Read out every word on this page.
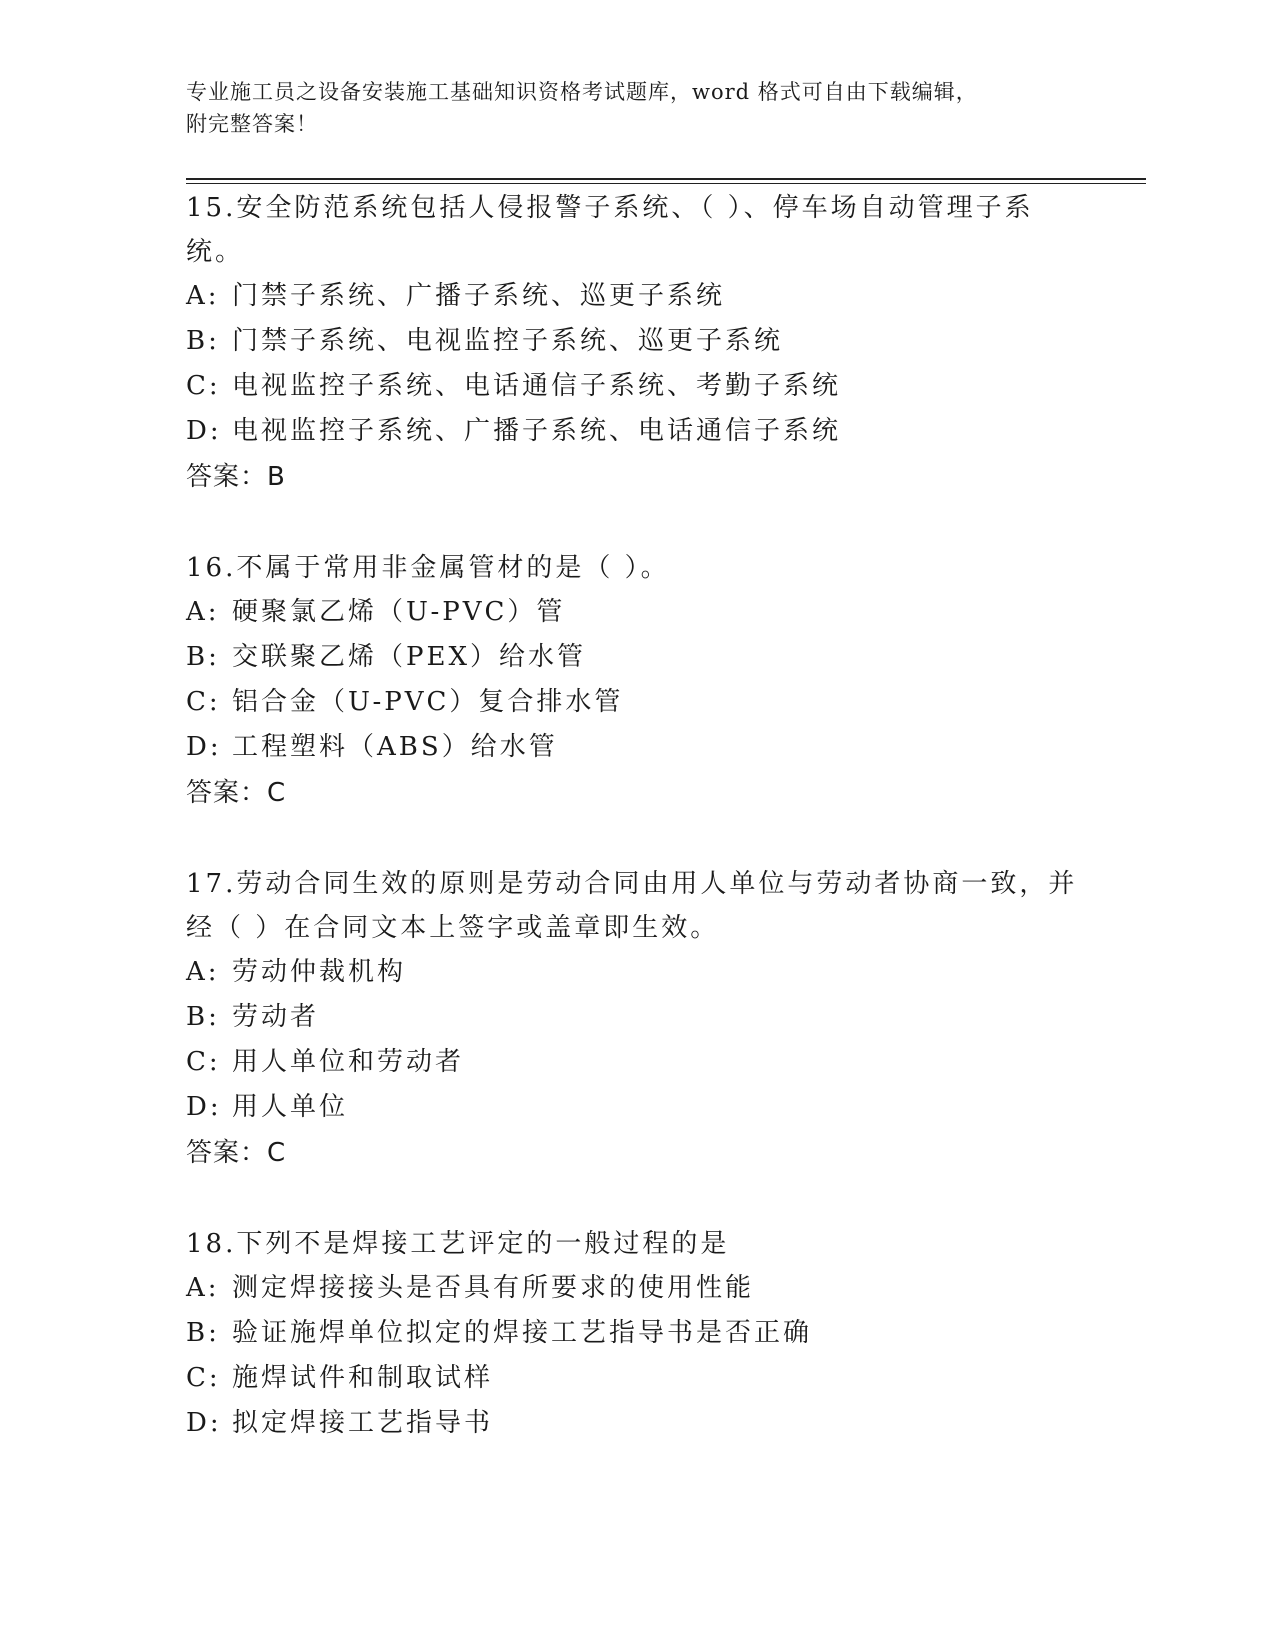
专业施工员之设备安装施工基础知识资格考试题库，word 格式可自由下载编辑，
附完整答案！

15.安全防范系统包括人侵报警子系统、（ ）、停车场自动管理子系

统。

A: 门禁子系统、广播子系统、巡更子系统

B: 门禁子系统、电视监控子系统、巡更子系统

C: 电视监控子系统、电话通信子系统、考勤子系统

D: 电视监控子系统、广播子系统、电话通信子系统

答案：B

16.不属于常用非金属管材的是（ ）。

A: 硬聚氯乙烯（U-PVC）管

B: 交联聚乙烯（PEX）给水管

C: 铝合金（U-PVC）复合排水管

D: 工程塑料（ABS）给水管

答案：C

17.劳动合同生效的原则是劳动合同由用人单位与劳动者协商一致，并

经（ ）在合同文本上签字或盖章即生效。

A: 劳动仲裁机构

B: 劳动者

C: 用人单位和劳动者

D: 用人单位

答案：C

18.下列不是焊接工艺评定的一般过程的是

A: 测定焊接接头是否具有所要求的使用性能

B: 验证施焊单位拟定的焊接工艺指导书是否正确

C: 施焊试件和制取试样

D: 拟定焊接工艺指导书
